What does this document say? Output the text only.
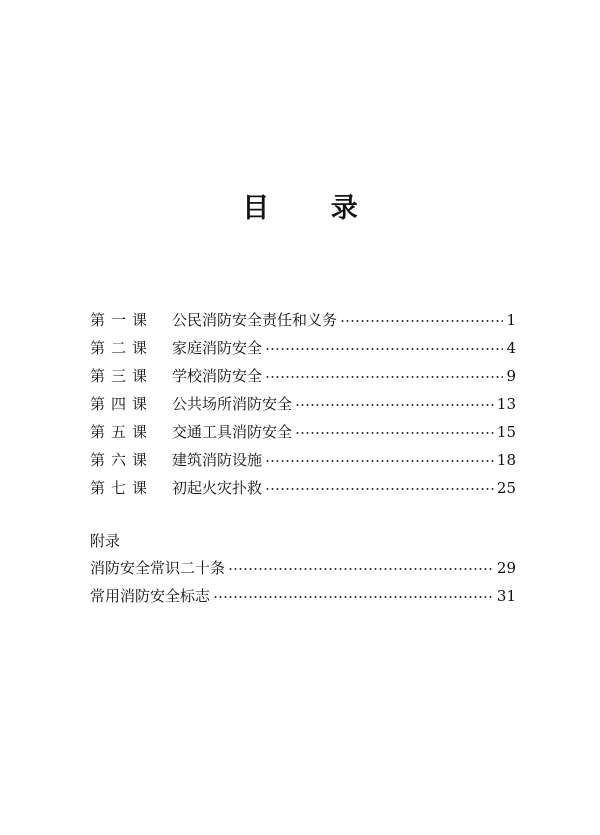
目 录
第一课	公民消防安全责任和义务	1
第二课	家庭消防安全	4
第三课	学校消防安全	9
第四课	公共场所消防安全	13
第五课	交通工具消防安全	15
第六课	建筑消防设施	18
第七课	初起火灾扑救	25
消防安全常识二十条	29
常用消防安全标志	31
附录
